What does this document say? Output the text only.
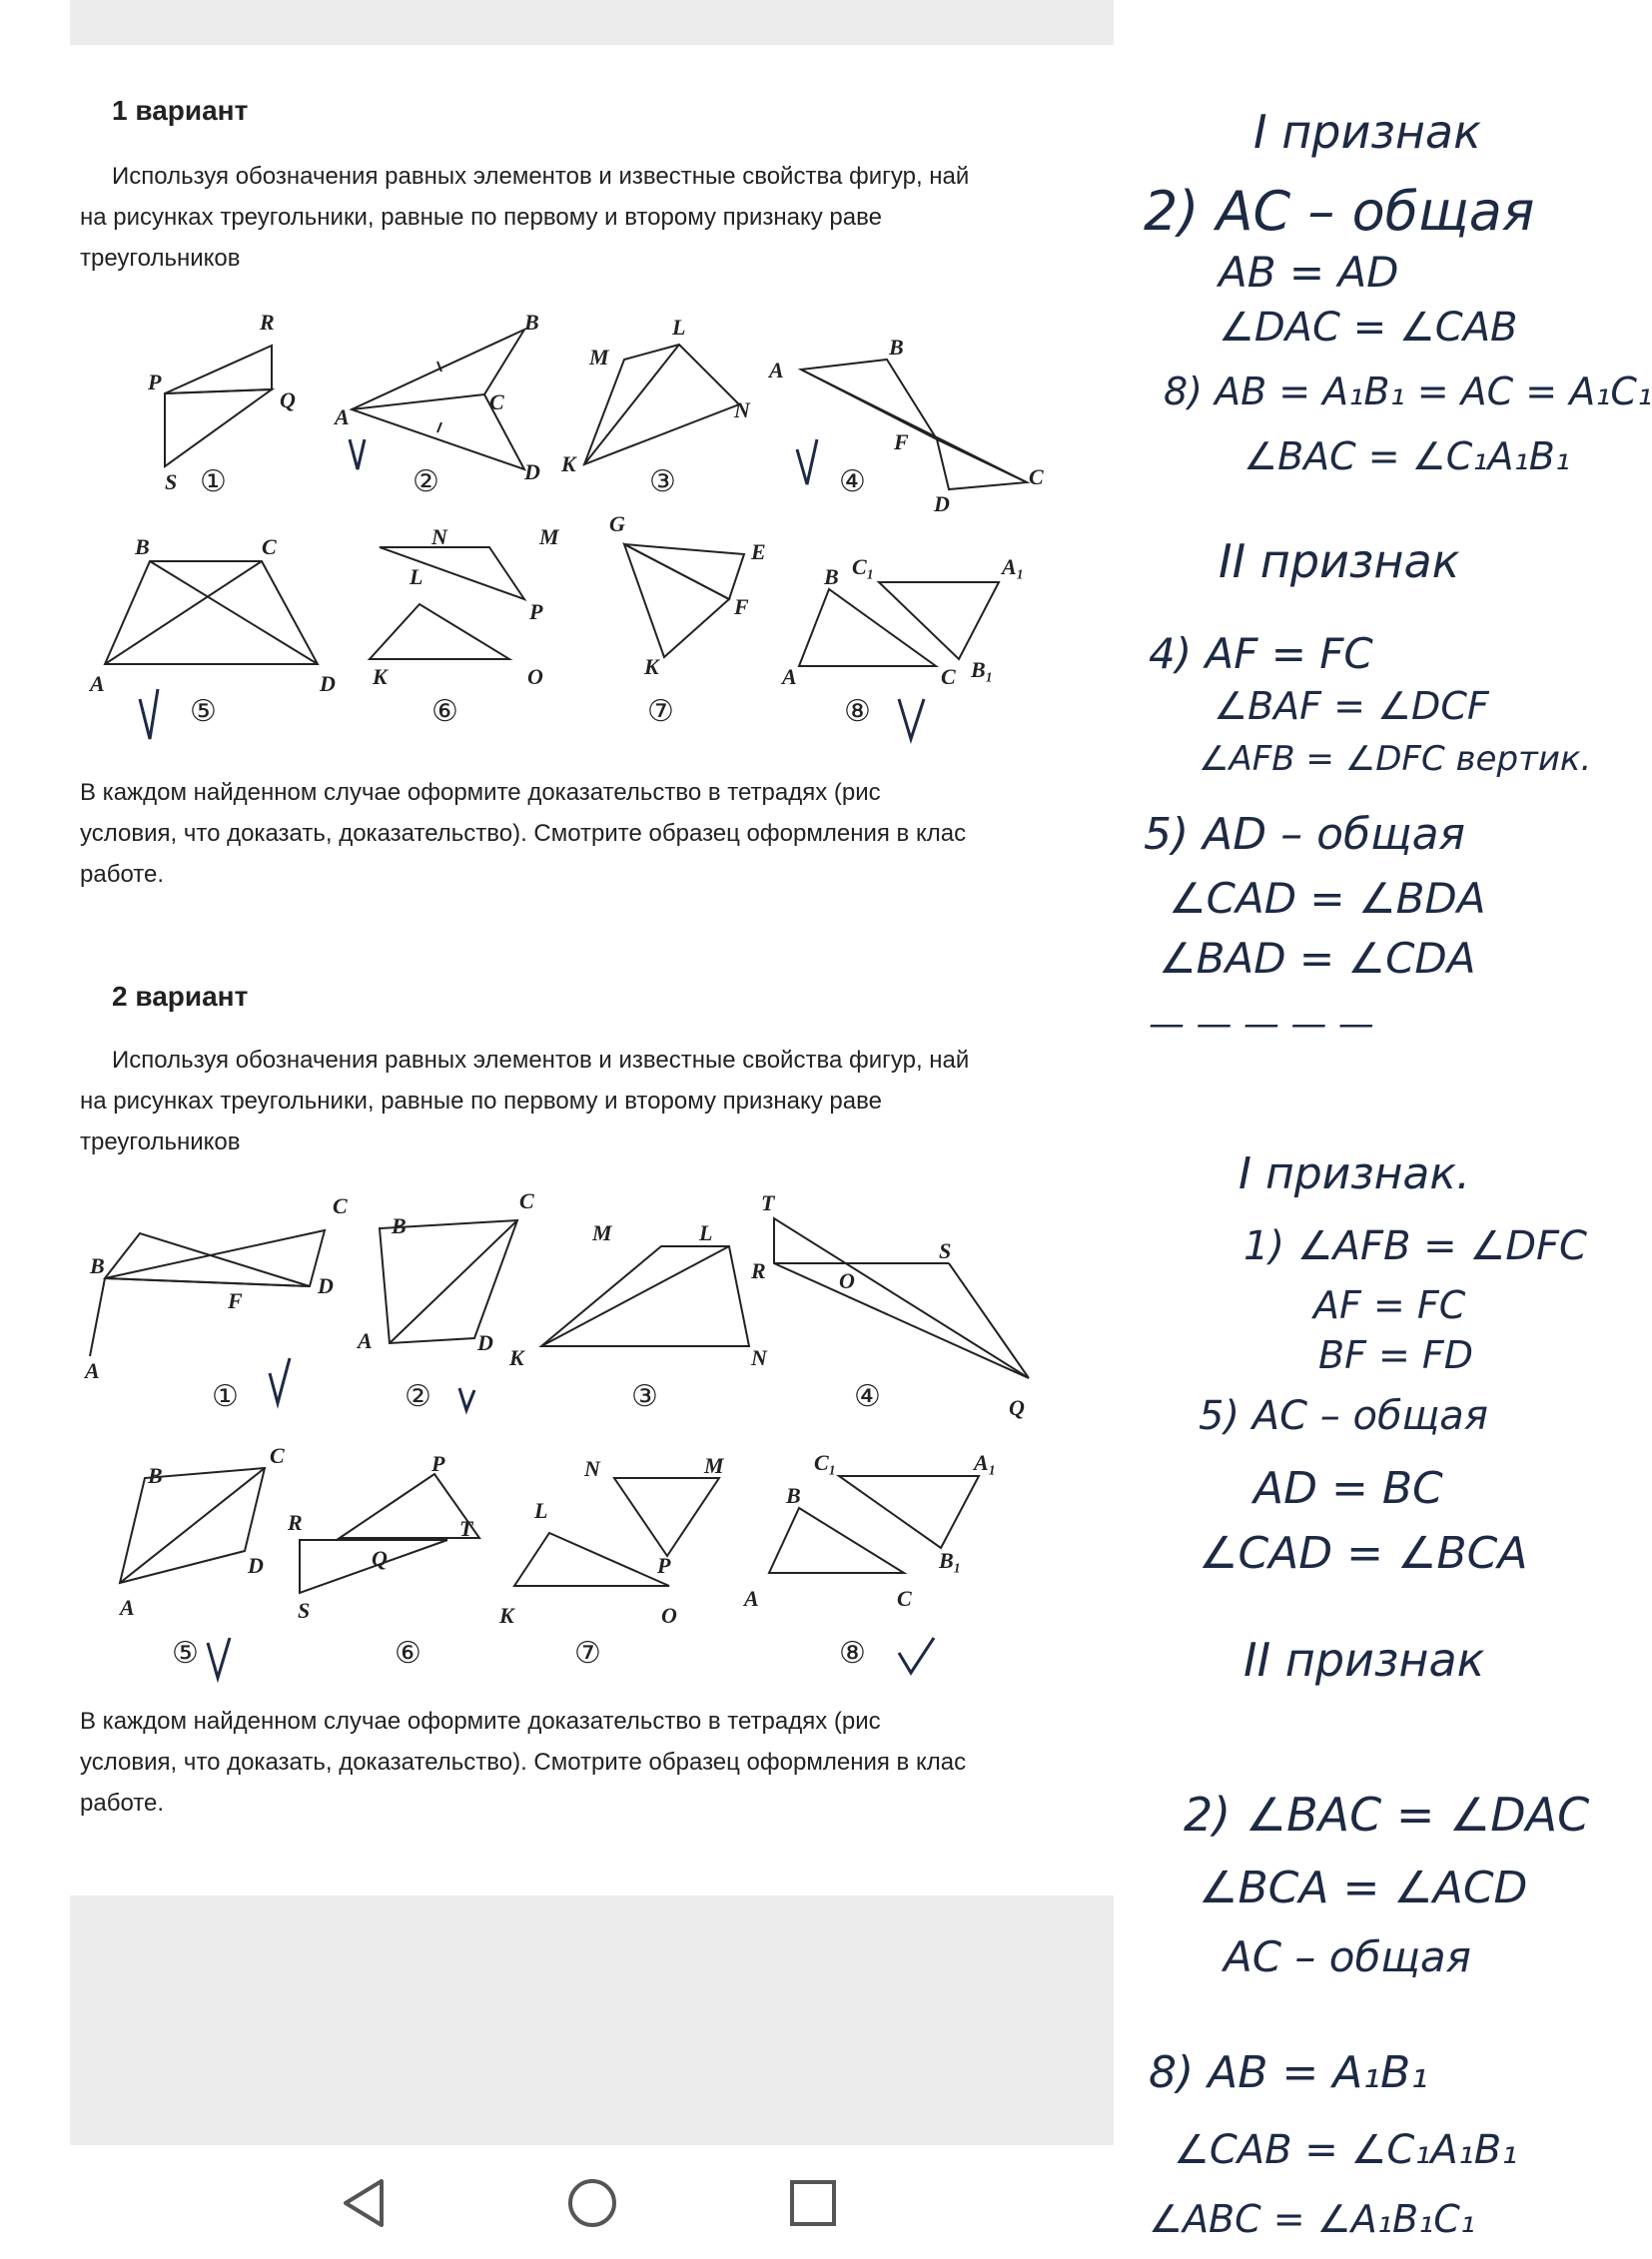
1 вариант
Используя обозначения равных элементов и известные свойства фигур, най
на рисунках треугольники, равные по первому и второму признаку раве
треугольников
R
P
Q
S
B
A
C
D
L
M
N
K
A
B
F
C
D
B	C
A	D
N	M
L
P
K	O
G
E
F
K
C₁	A₁
B
A	C B₁
①	②	③	④
⑤	⑥	⑦	⑧
В каждом найденном случае оформите доказательство в тетрадях (рис
условия, что доказать, доказательство). Смотрите образец оформления в клас
работе.
2 вариант
Используя обозначения равных элементов и известные свойства фигур, най
на рисунках треугольники, равные по первому и второму признаку раве
треугольников
C
B
F
D
A
C
B
A	D
M	L
K	N
T
R	O
S
Q
C
B
A
D
P
R
Q
T
S
N	M
L
P
K	O
C₁	A₁
B
B₁
A	C
①	②	③	④
⑤	⑥	⑦	⑧
В каждом найденном случае оформите доказательство в тетрадях (рис
условия, что доказать, доказательство). Смотрите образец оформления в клас
работе.
I признак
2) AC – общая
AB = AD
∠DAC = ∠CAB
8) AB = A₁B₁ = AC = A₁C₁
∠BAC = ∠C₁A₁B₁
II признак
4) AF = FC
∠BAF = ∠DCF
∠AFB = ∠DFC вертик.
5) AD – общая
∠CAD = ∠BDA
∠BAD = ∠CDA
— — — — —
I признак.
1) ∠AFB = ∠DFC
AF = FC
BF = FD
5) AC – общая
AD = BC
∠CAD = ∠BCA
II признак
2) ∠BAC = ∠DAC
∠BCA = ∠ACD
AC – общая
8) AB = A₁B₁
∠CAB = ∠C₁A₁B₁
∠ABC = ∠A₁B₁C₁
